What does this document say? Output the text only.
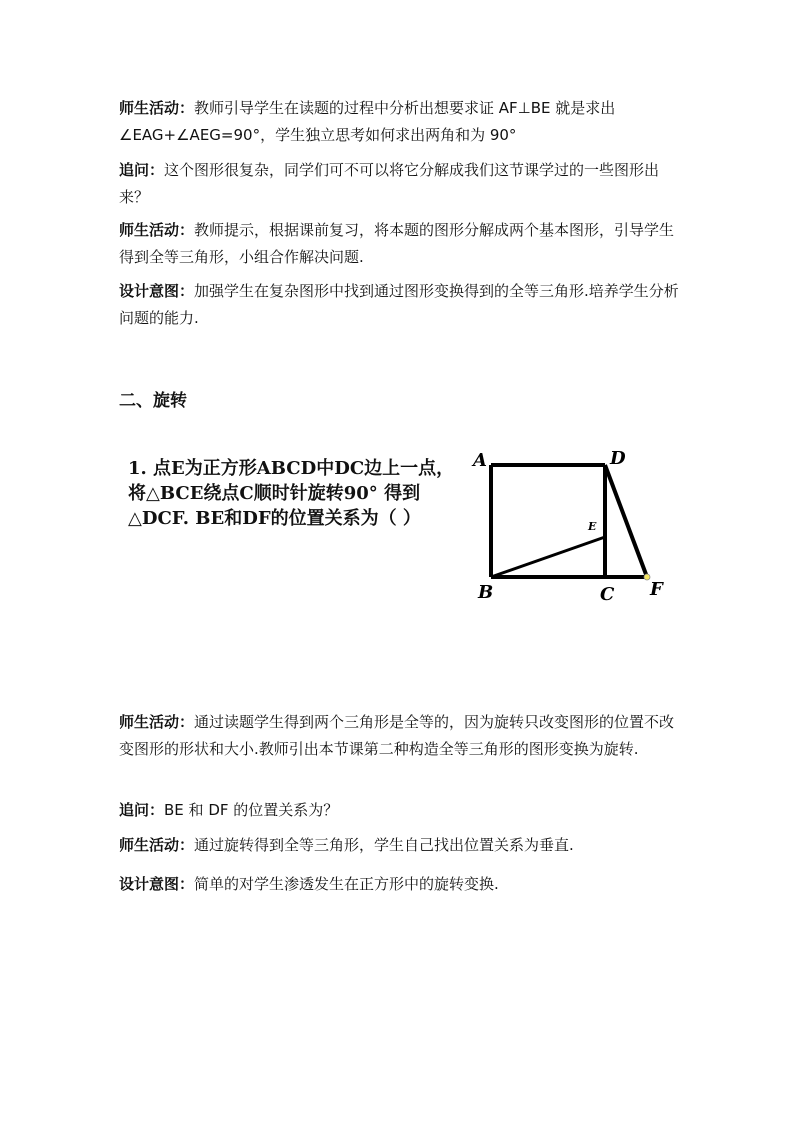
师生活动：教师引导学生在读题的过程中分析出想要求证 AF⊥BE 就是求出∠EAG+∠AEG=90°，学生独立思考如何求出两角和为 90°

追问：这个图形很复杂，同学们可不可以将它分解成我们这节课学过的一些图形出来？

师生活动：教师提示，根据课前复习，将本题的图形分解成两个基本图形，引导学生得到全等三角形，小组合作解决问题.

设计意图：加强学生在复杂图形中找到通过图形变换得到的全等三角形.培养学生分析问题的能力.

二、旋转
1. 点E为正方形ABCD中DC边上一点，
将△BCE绕点C顺时针旋转90° 得到
△DCF. BE和DF的位置关系为（ ）
A	D
E
B	C F

师生活动：通过读题学生得到两个三角形是全等的，因为旋转只改变图形的位置不改变图形的形状和大小.教师引出本节课第二种构造全等三角形的图形变换为旋转.

追问：BE 和 DF 的位置关系为？

师生活动：通过旋转得到全等三角形，学生自己找出位置关系为垂直.

设计意图：简单的对学生渗透发生在正方形中的旋转变换.
